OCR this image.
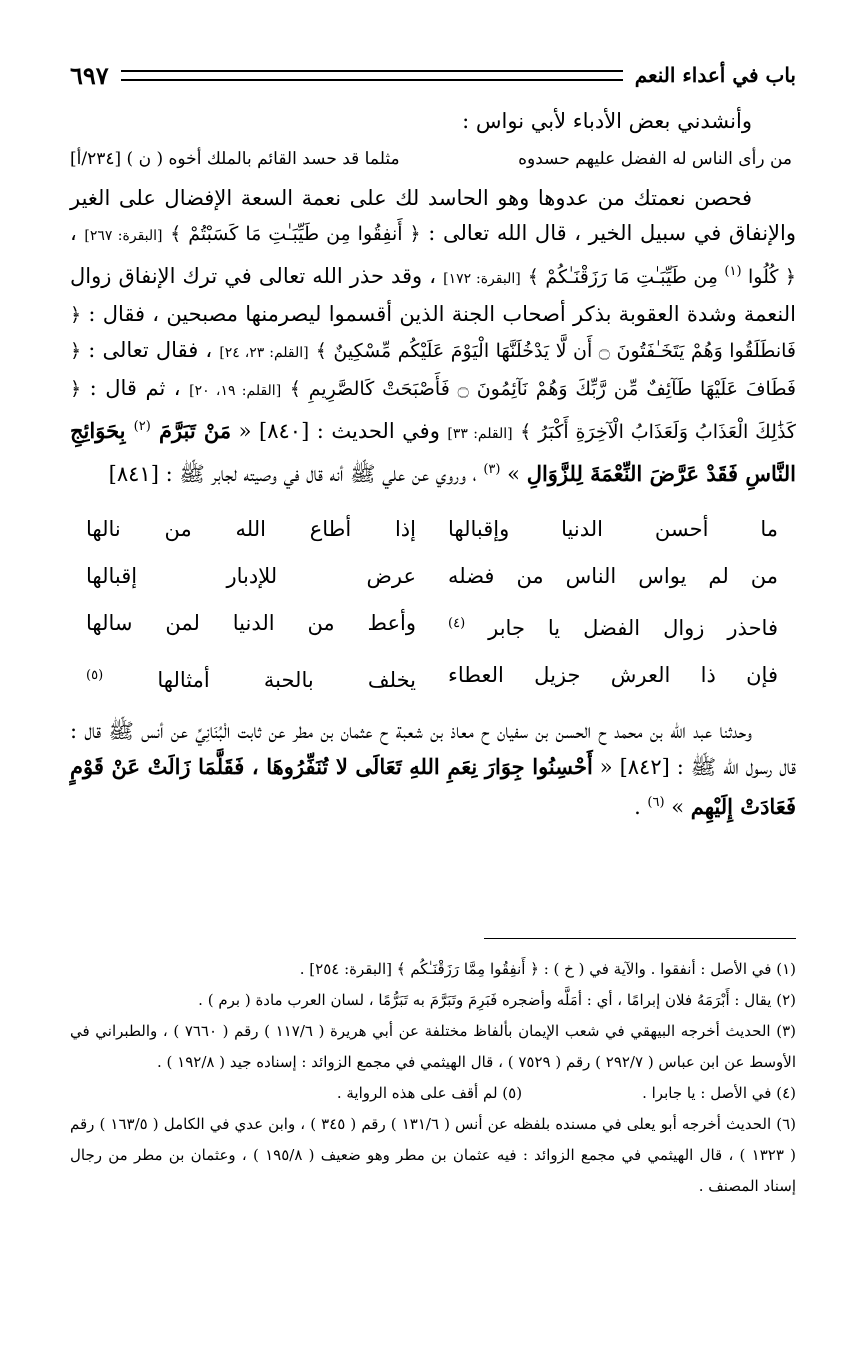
باب في أعداء النعم
٦٩٧

وأنشدني بعض الأدباء لأبي نواس :

من رأى الناس له الفضل عليهم حسدوه
مثلما قد حسد القائم بالملك أخوه ( ن ) [٢٣٤/أ]

فحصن نعمتك من عدوها وهو الحاسد لك على نعمة السعة الإفضال على الغير والإنفاق في سبيل الخير ، قال الله تعالى : ﴿ أَنفِقُوا مِن طَيِّبَـٰتِ مَا كَسَبْتُمْ ﴾ [البقرة: ٢٦٧] ، ﴿ كُلُوا $^{(١)}$ مِن طَيِّبَـٰتِ مَا رَزَقْنَـٰكُمْ ﴾ [البقرة: ١٧٢] ، وقد حذر الله تعالى في ترك الإنفاق زوال النعمة وشدة العقوبة بذكر أصحاب الجنة الذين أقسموا ليصرمنها مصبحين ، فقال : ﴿ فَانطَلَقُوا وَهُمْ يَتَخَـٰفَتُونَ ۝ أَن لَّا يَدْخُلَنَّهَا الْيَوْمَ عَلَيْكُم مِّسْكِينٌ ﴾ [القلم: ٢٣، ٢٤] ، فقال تعالى : ﴿ فَطَافَ عَلَيْهَا طَآئِفٌ مِّن رَّبِّكَ وَهُمْ نَآئِمُونَ ۝ فَأَصْبَحَتْ كَالصَّرِيمِ ﴾ [القلم: ١٩، ٢٠] ، ثم قال : ﴿ كَذَٰلِكَ الْعَذَابُ وَلَعَذَابُ الْآخِرَةِ أَكْبَرُ ﴾ [القلم: ٣٣] وفي الحديث : [٨٤٠] « مَنْ تَبَرَّمَ $^{(٢)}$ بِحَوَائِجِ النَّاسِ فَقَدْ عَرَّضَ النِّعْمَةَ لِلزَّوَالِ » $^{(٣)}$ ، وروي عن علي ﷺ أنه قال في وصيته لجابر ﷺ : [٨٤١]

ما أحسن الدنيا وإقبالها
إذا أطاع الله من نالها
من لم يواس الناس من فضله
عرض للإدبار إقبالها
فاحذر زوال الفضل يا جابر $^{(٤)}$
وأعط من الدنيا لمن سالها
فإن ذا العرش جزيل العطاء
يخلف بالحبة أمثالها $^{(٥)}$

وحدثنا عبد الله بن محمد ح الحسن بن سفيان ح معاذ بن شعبة ح عثمان بن مطر عن ثابت الْبُنَانِيِّ عن أنس ﷺ قال : قال رسول الله ﷺ : [٨٤٢] « أَحْسِنُوا جِوَارَ نِعَمِ اللهِ تَعَالَى لا تُنَفِّرُوهَا ، فَقَلَّمَا زَالَتْ عَنْ قَوْمٍ فَعَادَتْ إِلَيْهِم » $^{(٦)}$ .

(١) في الأصل : أنفقوا . والآية في ( خ ) : ﴿ أَنفِقُوا مِمَّا رَزَقْنَـٰكُم ﴾ [البقرة: ٢٥٤] .

(٢) يقال : أَبْرَمَهُ فلان إبرامًا ، أي : أمَلَّه وأضجره فَبَرِمَ وتَبَرَّمَ به تَبَرُّمًا ، لسان العرب مادة ( برم ) .

(٣) الحديث أخرجه البيهقي في شعب الإيمان بألفاظ مختلفة عن أبي هريرة ( ١١٧/٦ ) رقم ( ٧٦٦٠ ) ، والطبراني في الأوسط عن ابن عباس ( ٢٩٢/٧ ) رقم ( ٧٥٢٩ ) ، قال الهيثمي في مجمع الزوائد : إسناده جيد ( ١٩٢/٨ ) .

(٤) في الأصل : يا جابرا .
(٥) لم أقف على هذه الرواية .

(٦) الحديث أخرجه أبو يعلى في مسنده بلفظه عن أنس ( ١٣١/٦ ) رقم ( ٣٤٥ ) ، وابن عدي في الكامل ( ١٦٣/٥ ) رقم ( ١٣٢٣ ) ، قال الهيثمي في مجمع الزوائد : فيه عثمان بن مطر وهو ضعيف ( ١٩٥/٨ ) ، وعثمان بن مطر من رجال إسناد المصنف .
